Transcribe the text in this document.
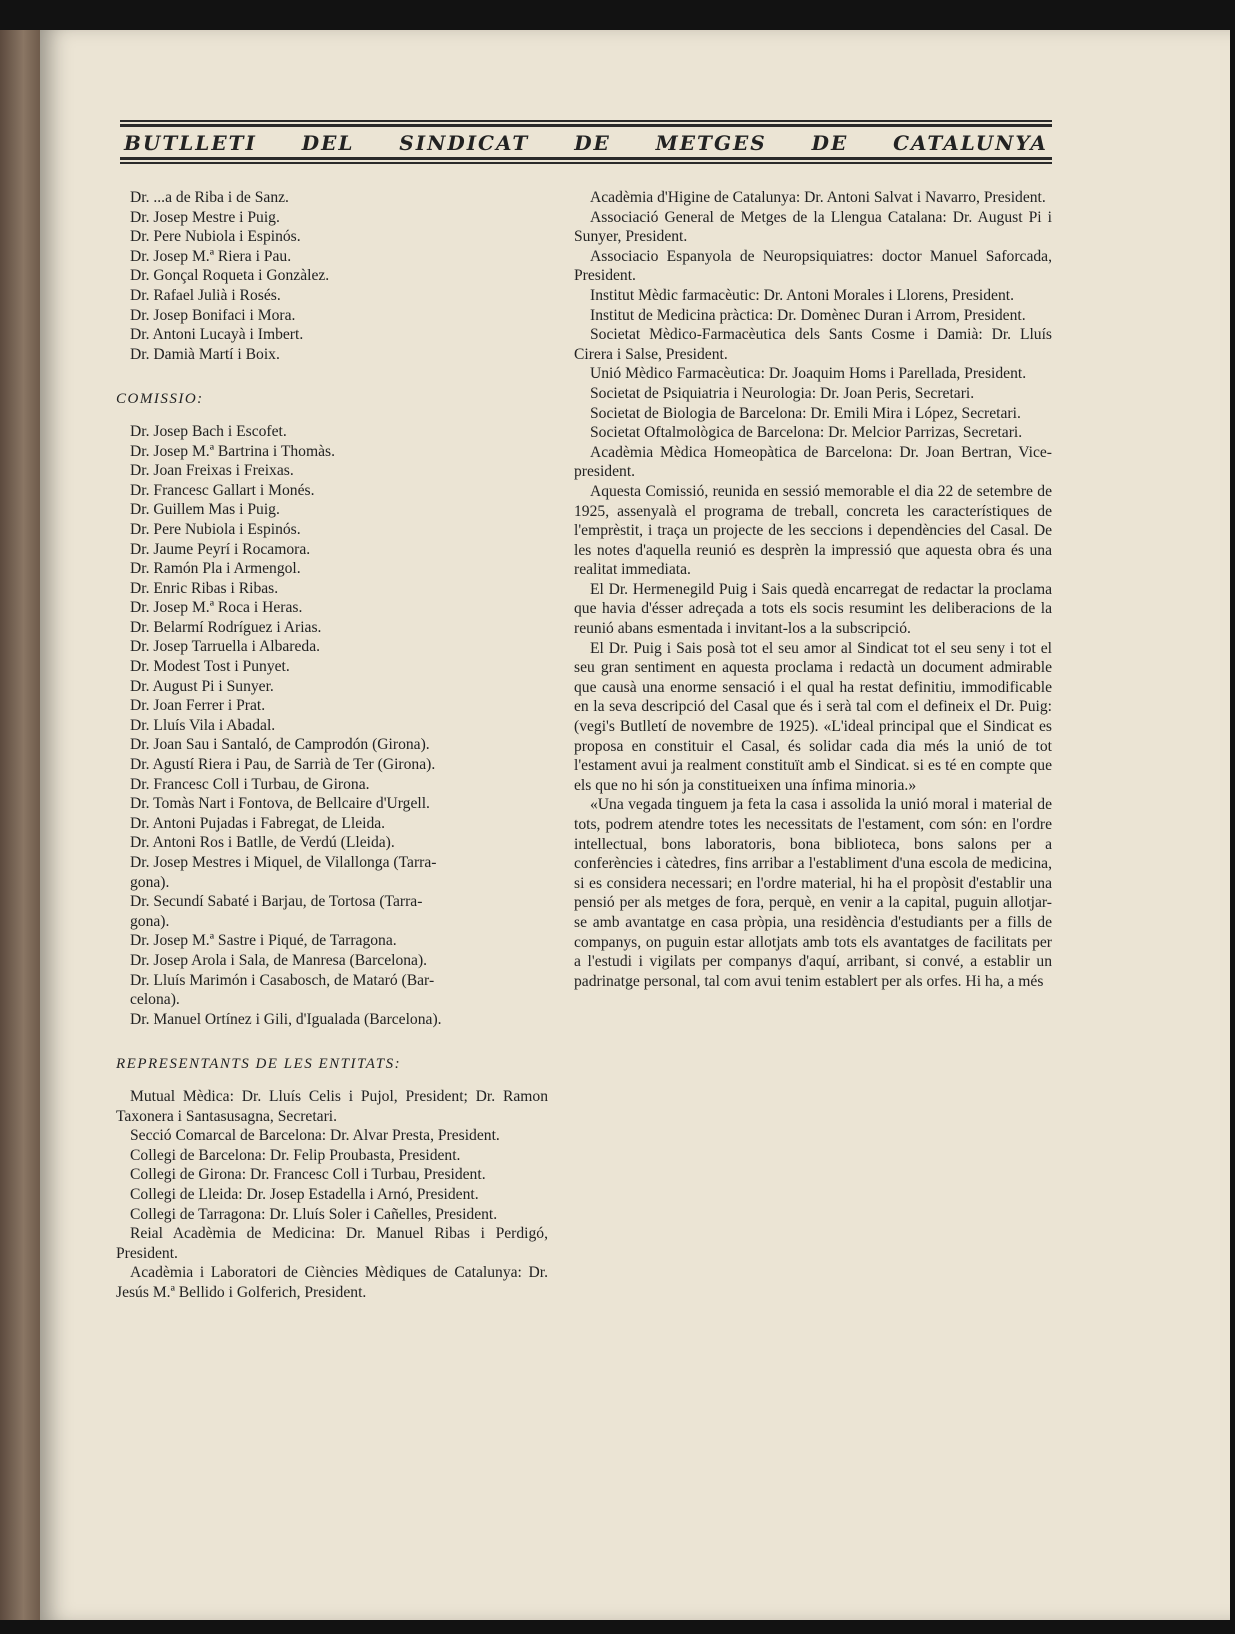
BUTLLETI DEL SINDICAT DE METGES DE CATALUNYA

Dr. ...a de Riba i de Sanz.

Dr. Josep Mestre i Puig.

Dr. Pere Nubiola i Espinós.

Dr. Josep M.ª Riera i Pau.

Dr. Gonçal Roqueta i Gonzàlez.

Dr. Rafael Julià i Rosés.

Dr. Josep Bonifaci i Mora.

Dr. Antoni Lucayà i Imbert.

Dr. Damià Martí i Boix.

COMISSIO:

Dr. Josep Bach i Escofet.

Dr. Josep M.ª Bartrina i Thomàs.

Dr. Joan Freixas i Freixas.

Dr. Francesc Gallart i Monés.

Dr. Guillem Mas i Puig.

Dr. Pere Nubiola i Espinós.

Dr. Jaume Peyrí i Rocamora.

Dr. Ramón Pla i Armengol.

Dr. Enric Ribas i Ribas.

Dr. Josep M.ª Roca i Heras.

Dr. Belarmí Rodríguez i Arias.

Dr. Josep Tarruella i Albareda.

Dr. Modest Tost i Punyet.

Dr. August Pi i Sunyer.

Dr. Joan Ferrer i Prat.

Dr. Lluís Vila i Abadal.

Dr. Joan Sau i Santaló, de Camprodón (Girona).

Dr. Agustí Riera i Pau, de Sarrià de Ter (Girona).

Dr. Francesc Coll i Turbau, de Girona.

Dr. Tomàs Nart i Fontova, de Bellcaire d'Urgell.

Dr. Antoni Pujadas i Fabregat, de Lleida.

Dr. Antoni Ros i Batlle, de Verdú (Lleida).

Dr. Josep Mestres i Miquel, de Vilallonga (Tarra-

gona).

Dr. Secundí Sabaté i Barjau, de Tortosa (Tarra-

gona).

Dr. Josep M.ª Sastre i Piqué, de Tarragona.

Dr. Josep Arola i Sala, de Manresa (Barcelona).

Dr. Lluís Marimón i Casabosch, de Mataró (Bar-

celona).

Dr. Manuel Ortínez i Gili, d'Igualada (Barcelona).

REPRESENTANTS DE LES ENTITATS:

Mutual Mèdica: Dr. Lluís Celis i Pujol, President; Dr. Ramon Taxonera i Santasusagna, Secretari.

Secció Comarcal de Barcelona: Dr. Alvar Presta, President.

Collegi de Barcelona: Dr. Felip Proubasta, President.

Collegi de Girona: Dr. Francesc Coll i Turbau, President.

Collegi de Lleida: Dr. Josep Estadella i Arnó, President.

Collegi de Tarragona: Dr. Lluís Soler i Cañelles, President.

Reial Acadèmia de Medicina: Dr. Manuel Ribas i Perdigó, President.

Acadèmia i Laboratori de Ciències Mèdiques de Catalunya: Dr. Jesús M.ª Bellido i Golferich, President.

Acadèmia d'Higine de Catalunya: Dr. Antoni Salvat i Navarro, President.

Associació General de Metges de la Llengua Catalana: Dr. August Pi i Sunyer, President.

Associacio Espanyola de Neuropsiquiatres: doctor Manuel Saforcada, President.

Institut Mèdic farmacèutic: Dr. Antoni Morales i Llorens, President.

Institut de Medicina pràctica: Dr. Domènec Duran i Arrom, President.

Societat Mèdico-Farmacèutica dels Sants Cosme i Damià: Dr. Lluís Cirera i Salse, President.

Unió Mèdico Farmacèutica: Dr. Joaquim Homs i Parellada, President.

Societat de Psiquiatria i Neurologia: Dr. Joan Peris, Secretari.

Societat de Biologia de Barcelona: Dr. Emili Mira i López, Secretari.

Societat Oftalmològica de Barcelona: Dr. Melcior Parrizas, Secretari.

Acadèmia Mèdica Homeopàtica de Barcelona: Dr. Joan Bertran, Vice-president.

Aquesta Comissió, reunida en sessió memorable el dia 22 de setembre de 1925, assenyalà el programa de treball, concreta les característiques de l'emprèstit, i traça un projecte de les seccions i dependències del Casal. De les notes d'aquella reunió es desprèn la impressió que aquesta obra és una realitat immediata.

El Dr. Hermenegild Puig i Sais quedà encarregat de redactar la proclama que havia d'ésser adreçada a tots els socis resumint les deliberacions de la reunió abans esmentada i invitant-los a la subscripció.

El Dr. Puig i Sais posà tot el seu amor al Sindicat tot el seu seny i tot el seu gran sentiment en aquesta proclama i redactà un document admirable que causà una enorme sensació i el qual ha restat definitiu, immodificable en la seva descripció del Casal que és i serà tal com el defineix el Dr. Puig: (vegi's Butlletí de novembre de 1925). «L'ideal principal que el Sindicat es proposa en constituir el Casal, és solidar cada dia més la unió de tot l'estament avui ja realment constituït amb el Sindicat. si es té en compte que els que no hi són ja constitueixen una ínfima minoria.»

«Una vegada tinguem ja feta la casa i assolida la unió moral i material de tots, podrem atendre totes les necessitats de l'estament, com són: en l'ordre intellectual, bons laboratoris, bona biblioteca, bons salons per a conferències i càtedres, fins arribar a l'establiment d'una escola de medicina, si es considera necessari; en l'ordre material, hi ha el propòsit d'establir una pensió per als metges de fora, perquè, en venir a la capital, puguin allotjar-se amb avantatge en casa pròpia, una residència d'estudiants per a fills de companys, on puguin estar allotjats amb tots els avantatges de facilitats per a l'estudi i vigilats per companys d'aquí, arribant, si convé, a establir un padrinatge personal, tal com avui tenim establert per als orfes. Hi ha, a més
